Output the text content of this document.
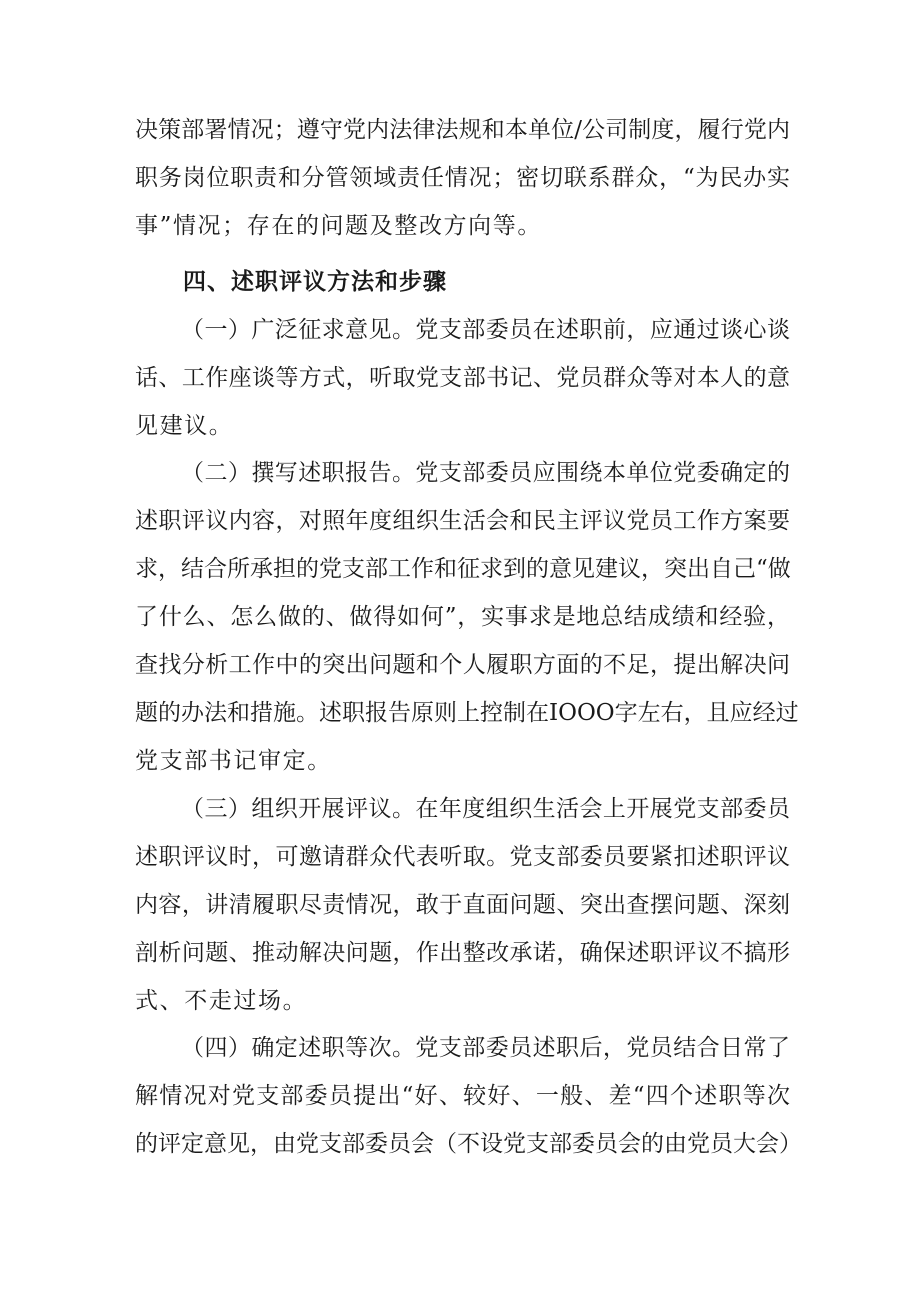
决策部署情况；遵守党内法律法规和本单位/公司制度，履行党内
职务岗位职责和分管领域责任情况；密切联系群众，“为民办实
事”情况；存在的问题及整改方向等。
四、述职评议方法和步骤
（一）广泛征求意见。党支部委员在述职前，应通过谈心谈
话、工作座谈等方式，听取党支部书记、党员群众等对本人的意
见建议。
（二）撰写述职报告。党支部委员应围绕本单位党委确定的
述职评议内容，对照年度组织生活会和民主评议党员工作方案要
求，结合所承担的党支部工作和征求到的意见建议，突出自己“做
了什么、怎么做的、做得如何”，实事求是地总结成绩和经验，
查找分析工作中的突出问题和个人履职方面的不足，提出解决问
题的办法和措施。述职报告原则上控制在IOOO字左右，且应经过
党支部书记审定。
（三）组织开展评议。在年度组织生活会上开展党支部委员
述职评议时，可邀请群众代表听取。党支部委员要紧扣述职评议
内容，讲清履职尽责情况，敢于直面问题、突出查摆问题、深刻
剖析问题、推动解决问题，作出整改承诺，确保述职评议不搞形
式、不走过场。
（四）确定述职等次。党支部委员述职后，党员结合日常了
解情况对党支部委员提出“好、较好、一般、差“四个述职等次
的评定意见，由党支部委员会（不设党支部委员会的由党员大会）
